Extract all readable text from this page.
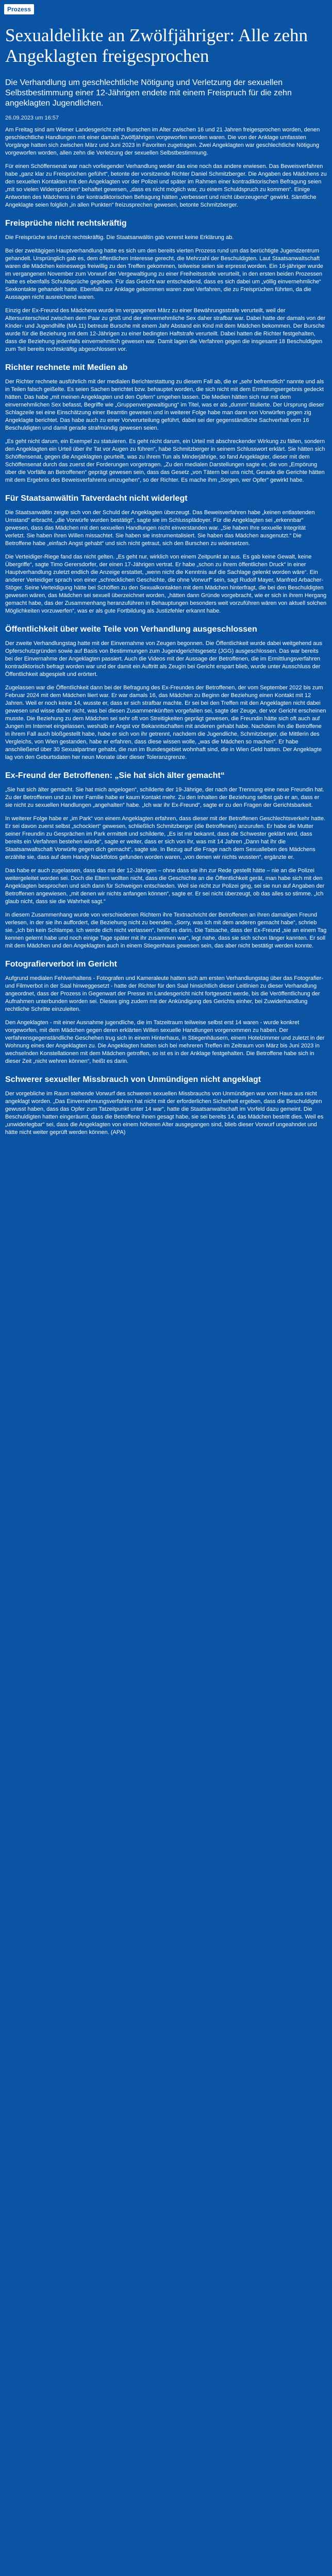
Prozess
Sexualdelikte an Zwölfjähriger: Alle zehn Angeklagten freigesprochen
Die Verhandlung um geschlechtliche Nötigung und Verletzung der sexuellen Selbstbestimmung einer 12-Jährigen endete mit einem Freispruch für die zehn angeklagten Jugendlichen.
26.09.2023 um 16:57

Am Freitag sind am Wiener Landesgericht zehn Burschen im Alter zwischen 16 und 21 Jahren freigesprochen worden, denen geschlechtliche Handlungen mit einer damals Zwölfjährigen vorgeworfen worden waren. Die von der Anklage umfassten Vorgänge hatten sich zwischen März und Juni 2023 in Favoriten zugetragen. Zwei Angeklagten war geschlechtliche Nötigung vorgeworfen worden, allen zehn die Verletzung der sexuellen Selbstbestimmung.

Für einen Schöffensenat war nach vorliegender Verhandlung weder das eine noch das andere erwiesen. Das Beweisverfahren habe „ganz klar zu Freisprüchen geführt“, betonte der vorsitzende Richter Daniel Schmitzberger. Die Angaben des Mädchens zu den sexuellen Kontakten mit den Angeklagten vor der Polizei und später im Rahmen einer kontradiktorischen Befragung seien „mit so vielen Widersprüchen“ behaftet gewesen, „dass es nicht möglich war, zu einem Schuldspruch zu kommen“. Einige Antworten des Mädchens in der kontradiktorischen Befragung hätten „verbessert und nicht überzeugend“ gewirkt. Sämtliche Angeklagte seien folglich „in allen Punkten“ freizusprechen gewesen, betonte Schmitzberger.

Freisprüche nicht rechtskräftig

Die Freisprüche sind nicht rechtskräftig. Die Staatsanwältin gab vorerst keine Erklärung ab.

Bei der zweitägigen Hauptverhandlung hatte es sich um den bereits vierten Prozess rund um das berüchtigte Jugendzentrum gehandelt. Ursprünglich gab es, dem öffentlichen Interesse gerecht, die Mehrzahl der Beschuldigten. Laut Staatsanwaltschaft waren die Mädchen keineswegs freiwillig zu den Treffen gekommen, teilweise seien sie erpresst worden. Ein 16-jähriger wurde im vergangenen November zum Vorwurf der Vergewaltigung zu einer Freiheitsstrafe verurteilt, in den ersten beiden Prozessen hatte es ebenfalls Schuldsprüche gegeben. Für das Gericht war entscheidend, dass es sich dabei um „völlig einvernehmliche“ Sexkontakte gehandelt hatte. Ebenfalls zur Anklage gekommen waren zwei Verfahren, die zu Freisprüchen führten, da die Aussagen nicht ausreichend waren.

Einzig der Ex-Freund des Mädchens wurde im vergangenen März zu einer Bewährungsstrafe verurteilt, weil der Altersunterschied zwischen dem Paar zu groß und der einvernehmliche Sex daher strafbar war. Dabei hatte der damals von der Kinder- und Jugendhilfe (MA 11) betreute Bursche mit einem Jahr Abstand ein Kind mit dem Mädchen bekommen. Der Bursche wurde für die Beziehung mit dem 12-Jährigen zu einer bedingten Haftstrafe verurteilt. Dabei hatten die Richter festgehalten, dass die Beziehung jedenfalls einvernehmlich gewesen war. Damit lagen die Verfahren gegen die insgesamt 18 Beschuldigten zum Teil bereits rechtskräftig abgeschlossen vor.

Richter rechnete mit Medien ab

Der Richter rechnete ausführlich mit der medialen Berichterstattung zu diesem Fall ab, die er „sehr befremdlich“ nannte und als in Teilen falsch geißelte. Es seien Sachen berichtet bzw. behauptet worden, die sich nicht mit dem Ermittlungsergebnis gedeckt hätten. Das habe „mit meinen Angeklagten und den Opfern“ umgehen lassen. Die Medien hätten sich nur mit dem einvernehmlichen Sex befasst, Begriffe wie „Gruppenvergewaltigung“ im Titel, was er als „dumm“ titulierte. Der Ursprung dieser Schlagzeile sei eine Einschätzung einer Beamtin gewesen und in weiterer Folge habe man dann von Vorwürfen gegen zig Angeklagte berichtet. Das habe auch zu einer Vorverurteilung geführt, dabei sei der gegenständliche Sachverhalt vom 16 Beschuldigten und damit gerade strafmündig gewesen seien.

„Es geht nicht darum, ein Exempel zu statuieren. Es geht nicht darum, ein Urteil mit abschreckender Wirkung zu fällen, sondern den Angeklagten ein Urteil über ihr Tat vor Augen zu führen“, habe Schmitzberger in seinem Schlusswort erklärt. Sie hätten sich Schöffensenat, gegen die Angeklagten geurteilt, was zu ihrem Tun als Minderjährige, so fand Angeklagter, dieser mit dem Schöffensenat durch das zuerst der Forderungen vorgetragen. „Zu den medialen Darstellungen sagte er, die von „Empörung über die Vorfälle an Betroffenen“ geprägt gewesen sein, dass das Gesetz „von Tätern bei uns nicht, Gerade die Gerichte hätten mit dem Ergebnis des Beweisverfahrens umzugehen“, so der Richter. Es mache ihm „Sorgen, wer Opfer“ gewirkt habe.

Für Staatsanwältin Tatverdacht nicht widerlegt

Die Staatsanwältin zeigte sich von der Schuld der Angeklagten überzeugt. Das Beweisverfahren habe „keinen entlastenden Umstand“ erbracht, „die Vorwürfe wurden bestätigt“, sagte sie im Schlussplädoyer. Für die Angeklagten sei „erkennbar“ gewesen, dass das Mädchen mit den sexuellen Handlungen nicht einverstanden war. „Sie haben Ihre sexuelle Integrität verletzt. Sie haben Ihren Willen missachtet. Sie haben sie instrumentalisiert. Sie haben das Mädchen ausgenutzt.“ Die Betroffene habe „einfach Angst gehabt“ und sich nicht getraut, sich den Burschen zu widersetzen.

Die Verteidiger-Riege fand das nicht gelten. „Es geht nur, wirklich von einem Zeitpunkt an aus. Es gab keine Gewalt, keine Übergriffe“, sagte Timo Gerersdorfer, der einen 17-Jährigen vertrat. Er habe „schon zu ihrem öffentlichen Druck“ in einer Hauptverhandlung zuletzt endlich die Anzeige erstattet, „wenn nicht die Kenntnis auf die Sachlage gelenkt worden wäre“. Ein anderer Verteidiger sprach von einer „schrecklichen Geschichte, die ohne Vorwurf“ sein, sagt Rudolf Mayer, Manfred Arbacher-Stöger. Seine Verteidigung hätte bei Schöffen zu den Sexualkontakten mit dem Mädchen hinterfragt, die bei den Beschuldigten gewesen wären, das Mädchen sei sexuell überzeichnet worden, „hätten dann Gründe vorgebracht, wie er sich in ihrem Hergang gemacht habe, das der Zusammenhang heranzuführen in Behauptungen besonders weit vorzuführen wären von aktuell solchen Möglichkeiten vorzuwerfen“, was er als gute Fortbildung als Justizfehler erkannt habe.

Öffentlichkeit über weite Teile von Verhandlung ausgeschlossen

Der zweite Verhandlungstag hatte mit der Einvernahme von Zeugen begonnen. Die Öffentlichkeit wurde dabei weitgehend aus Opferschutzgründen sowie auf Basis von Bestimmungen zum Jugendgerichtsgesetz (JGG) ausgeschlossen. Das war bereits bei der Einvernahme der Angeklagten passiert. Auch die Videos mit der Aussage der Betroffenen, die im Ermittlungsverfahren kontradiktorisch befragt worden war und der damit ein Auftritt als Zeugin bei Gericht erspart blieb, wurde unter Ausschluss der Öffentlichkeit abgespielt und erörtert.

Zugelassen war die Öffentlichkeit dann bei der Befragung des Ex-Freundes der Betroffenen, der vom September 2022 bis zum Februar 2024 mit dem Mädchen liiert war. Er war damals 16, das Mädchen zu Beginn der Beziehung einen Kontakt mit 12 Jahren. Weil er noch keine 14, wusste er, dass er sich strafbar machte. Er sei bei den Treffen mit den Angeklagten nicht dabei gewesen und wisse daher nicht, was bei diesen Zusammenkünften vorgefallen sei, sagte der Zeuge, der vor Gericht erscheinen musste. Die Beziehung zu dem Mädchen sei sehr oft von Streitigkeiten geprägt gewesen, die Freundin hätte sich oft auch auf Jungen im Internet eingelassen, weshalb er Angst vor Bekanntschaften mit anderen gehabt habe. Nachdem ihn die Betroffene in ihrem Fall auch bloßgestellt habe, habe er sich von ihr getrennt, nachdem die Jugendliche, Schmitzberger, die Mittlerin des Vergleichs, von Wien gestanden, habe er erfahren, dass diese wissen wolle, „was die Mädchen so machen“. Er habe anschließend über 30 Sexualpartner gehabt, die nun im Bundesgebiet wohnhaft sind, die in Wien Geld hatten. Der Angeklagte lag von den Geburtsdaten her neun Monate über dieser Toleranzgrenze.

Ex-Freund der Betroffenen: „Sie hat sich älter gemacht“

„Sie hat sich älter gemacht. Sie hat mich angelogen“, schilderte der 19-Jährige, der nach der Trennung eine neue Freundin hat. Zu der Betroffenen und zu ihrer Familie habe er kaum Kontakt mehr. Zu den Inhalten der Beziehung selbst gab er an, dass er sie nicht zu sexuellen Handlungen „angehalten“ habe. „Ich war ihr Ex-Freund“, sagte er zu den Fragen der Gerichtsbarkeit.

In weiterer Folge habe er „im Park“ von einem Angeklagten erfahren, dass dieser mit der Betroffenen Geschlechtsverkehr hatte. Er sei davon zuerst selbst „schockiert“ gewesen, schließlich Schmitzberger (die Betroffenen) anzurufen. Er habe die Mutter seiner Freundin zu Gesprächen im Park ermittelt und schilderte, „Es ist mir bekannt, dass die Schwester geklärt wird, dass bereits ein Verfahren bestehen würde“, sagte er weiter, dass er sich von ihr, was mit 14 Jahren „Dann hat ihr die Staatsanwaltschaft Vorwürfe gegen dich gemacht“, sagte sie. In Bezug auf die Frage nach dem Sexualleben des Mädchens erzählte sie, dass auf dem Handy Nacktfotos gefunden worden waren, „von denen wir nichts wussten“, ergänzte er.

Das habe er auch zugelassen, dass das mit der 12-Jährigen – ohne dass sie ihn zur Rede gestellt hätte – nie an die Polizei weitergeleitet worden sei. Doch die Eltern wollten nicht, dass die Geschichte an die Öffentlichkeit gerät, man habe sich mit den Angeklagten besprochen und sich dann für Schweigen entschieden. Weil sie nicht zur Polizei ging, sei sie nun auf Angaben der Betroffenen angewiesen, „mit denen wir nichts anfangen können“, sagte er. Er sei nicht überzeugt, ob das alles so stimme. „Ich glaub nicht, dass sie die Wahrheit sagt.“

In diesem Zusammenhang wurde von verschiedenen Richtern ihre Textnachricht der Betroffenen an ihren damaligen Freund verlesen, in der sie ihn auffordert, die Beziehung nicht zu beenden. „Sorry, was ich mit dem anderen gemacht habe“, schrieb sie. „Ich bin kein Schlampe. Ich werde dich nicht verlassen“, heißt es darin. Die Tatsache, dass der Ex-Freund „sie an einem Tag kennen gelernt habe und noch einige Tage später mit ihr zusammen war“, legt nahe, dass sie sich schon länger kannten. Er soll mit dem Mädchen und den Angeklagten auch in einem Stiegenhaus gewesen sein, das aber nicht bestätigt werden konnte.

Fotografierverbot im Gericht

Aufgrund medialen Fehlverhaltens - Fotografen und Kameraleute hatten sich am ersten Verhandlungstag über das Fotografier- und Filmverbot in der Saal hinweggesetzt - hatte der Richter für den Saal hinsichtlich dieser Leitlinien zu dieser Verhandlung angeordnet, dass der Prozess in Gegenwart der Presse im Landesgericht nicht fortgesetzt werde, bis die Veröffentlichung der Aufnahmen unterbunden worden sei. Dieses ging zudem mit der Ankündigung des Gerichts einher, bei Zuwiderhandlung rechtliche Schritte einzuleiten.

Den Angeklagten - mit einer Ausnahme jugendliche, die im Tatzeitraum teilweise selbst erst 14 waren - wurde konkret vorgeworfen, mit dem Mädchen gegen deren erklärten Willen sexuelle Handlungen vorgenommen zu haben. Der verfahrensgegenständliche Geschehen trug sich in einem Hinterhaus, in Stiegenhäusern, einem Hotelzimmer und zuletzt in der Wohnung eines der Angeklagten zu. Die Angeklagten hatten sich bei mehreren Treffen im Zeitraum von März bis Juni 2023 in wechselnden Konstellationen mit dem Mädchen getroffen, so ist es in der Anklage festgehalten. Die Betroffene habe sich in dieser Zeit „nicht wehren können“, heißt es darin.

Schwerer sexueller Missbrauch von Unmündigen nicht angeklagt

Der vorgebliche im Raum stehende Vorwurf des schweren sexuellen Missbrauchs von Unmündigen war vom Haus aus nicht angeklagt worden. „Das Einvernehmungsverfahren hat nicht mit der erforderlichen Sicherheit ergeben, dass die Beschuldigten gewusst haben, dass das Opfer zum Tatzeitpunkt unter 14 war“, hatte die Staatsanwaltschaft im Vorfeld dazu gemeint. Die Beschuldigten hatten eingeräumt, dass die Betroffene ihnen gesagt habe, sie sei bereits 14, das Mädchen bestritt dies. Weil es „unwiderlegbar“ sei, dass die Angeklagten von einem höheren Alter ausgegangen sind, blieb dieser Vorwurf ungeahndet und hätte nicht weiter geprüft werden können. (APA)
